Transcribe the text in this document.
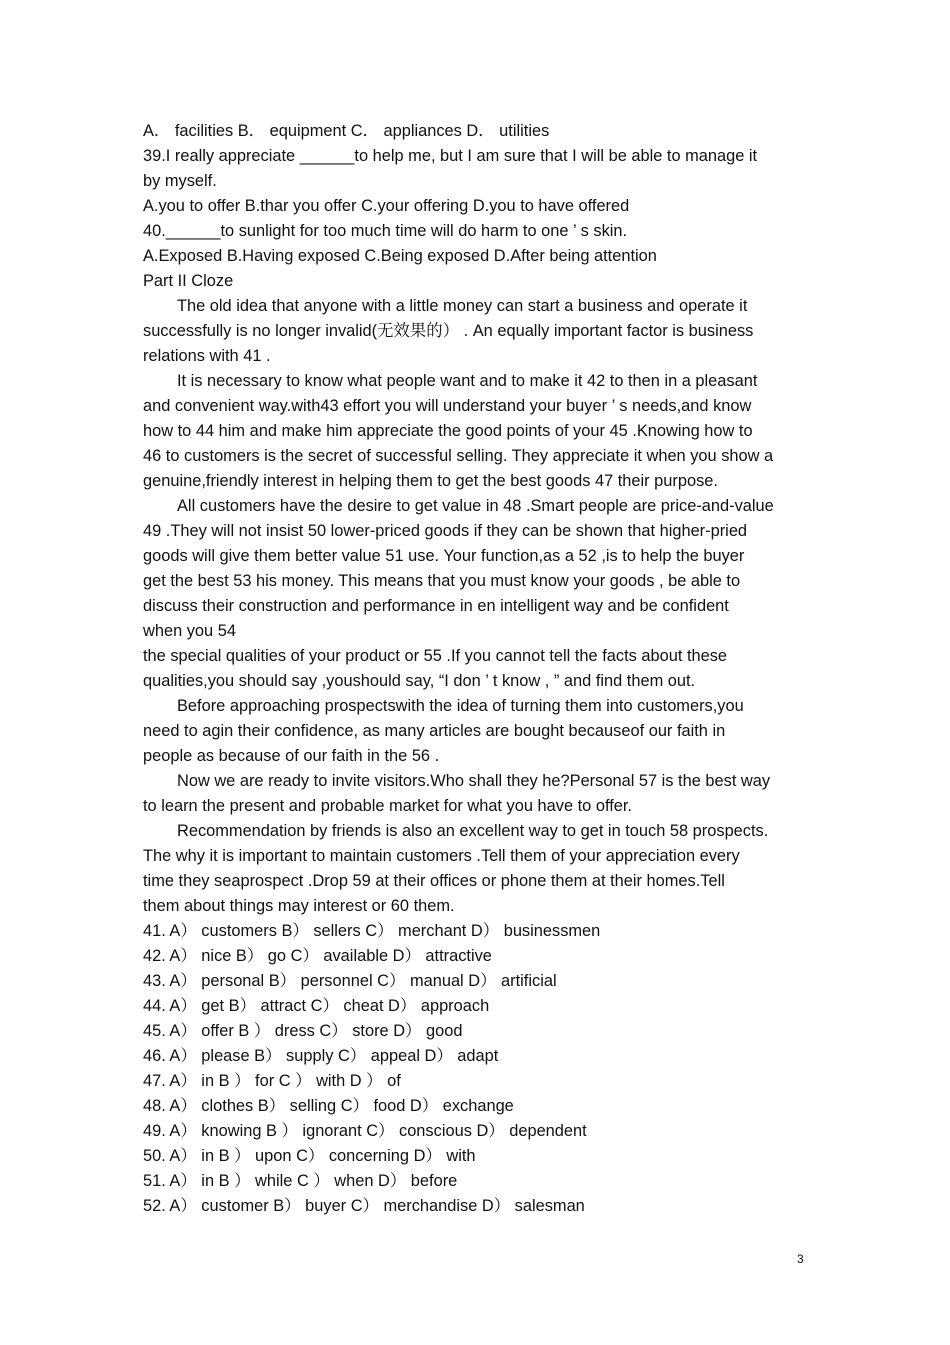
A． facilities B． equipment C． appliances D． utilities
39.I really appreciate ______to help me, but I am sure that I will be able to manage it
by myself.
A.you to offer B.thar you offer C.your offering D.you to have offered
40.______to sunlight for too much time will do harm to one ’ s skin.
A.Exposed B.Having exposed C.Being exposed D.After being attention
Part II Cloze
The old idea that anyone with a little money can start a business and operate it
successfully is no longer invalid(无效果的） . An equally important factor is business
relations with 41 .
It is necessary to know what people want and to make it 42 to then in a pleasant
and convenient way.with43 effort you will understand your buyer ’ s needs,and know
how to 44 him and make him appreciate the good points of your 45 .Knowing how to
46 to customers is the secret of successful selling. They appreciate it when you show a
genuine,friendly interest in helping them to get the best goods 47 their purpose.
All customers have the desire to get value in 48 .Smart people are price-and-value
49 .They will not insist 50 lower-priced goods if they can be shown that higher-pried
goods will give them better value 51 use. Your function,as a 52 ,is to help the buyer
get the best 53 his money. This means that you must know your goods , be able to
discuss their construction and performance in en intelligent way and be confident
when you 54
the special qualities of your product or 55 .If you cannot tell the facts about these
qualities,you should say ,youshould say, “I don ’ t know , ” and find them out.
Before approaching prospectswith the idea of turning them into customers,you
need to agin their confidence, as many articles are bought becauseof our faith in
people as because of our faith in the 56 .
Now we are ready to invite visitors.Who shall they he?Personal 57 is the best way
to learn the present and probable market for what you have to offer.
Recommendation by friends is also an excellent way to get in touch 58 prospects.
The why it is important to maintain customers .Tell them of your appreciation every
time they seaprospect .Drop 59 at their offices or phone them at their homes.Tell
them about things may interest or 60 them.
41. A） customers B） sellers C） merchant D） businessmen
42. A） nice B） go C） available D） attractive
43. A） personal B） personnel C） manual D） artificial
44. A） get B） attract C） cheat D） approach
45. A） offer B ） dress C） store D） good
46. A） please B） supply C） appeal D） adapt
47. A） in B ） for C ） with D ） of
48. A） clothes B） selling C） food D） exchange
49. A） knowing B ） ignorant C） conscious D） dependent
50. A） in B ） upon C） concerning D） with
51. A） in B ） while C ） when D） before
52. A） customer B） buyer C） merchandise D） salesman
3
